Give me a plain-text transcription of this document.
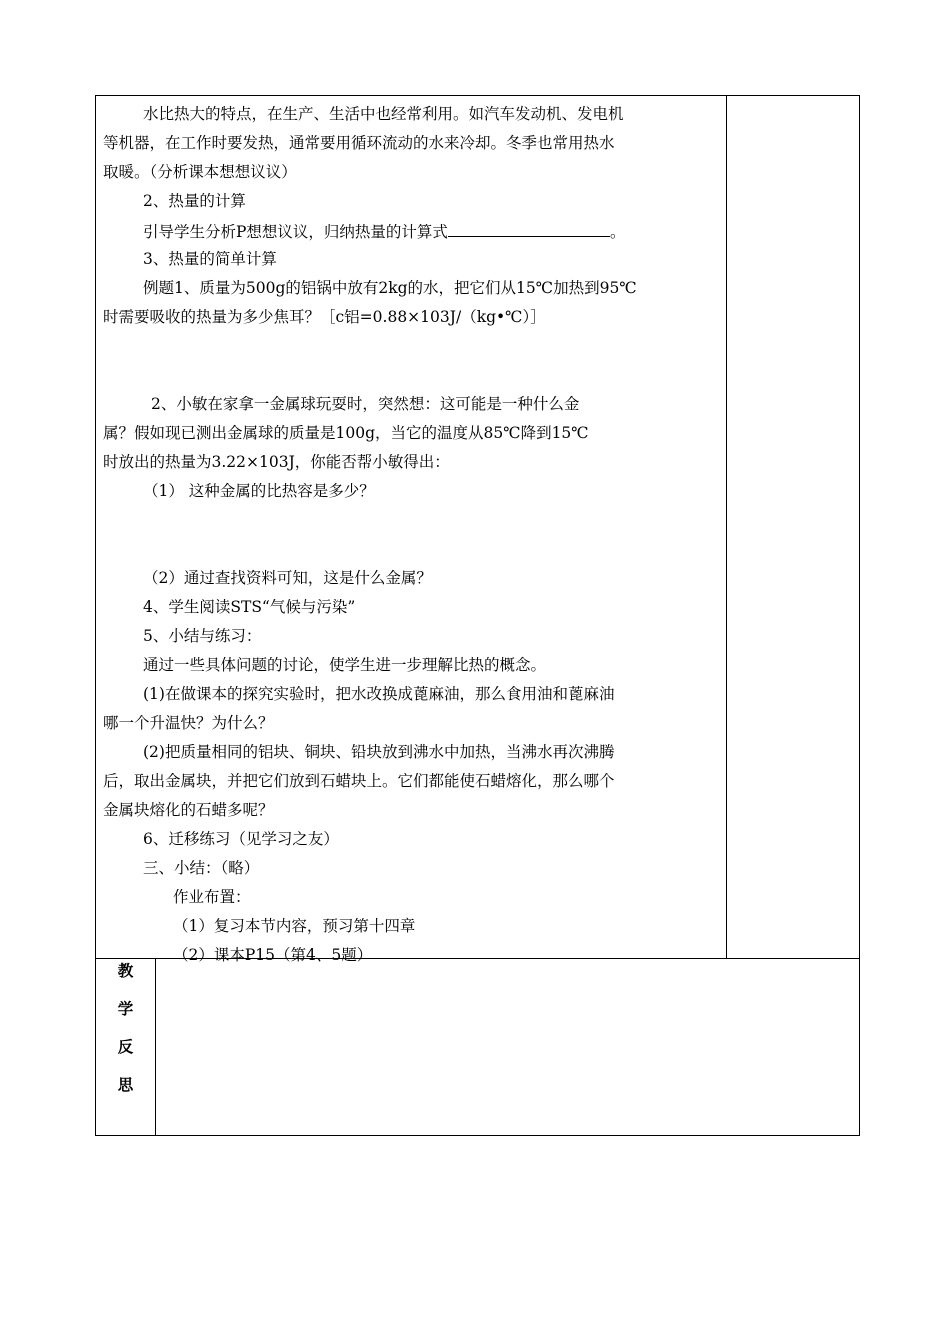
水比热大的特点，在生产、生活中也经常利用。如汽车发动机、发电机
等机器，在工作时要发热，通常要用循环流动的水来冷却。冬季也常用热水
取暖。（分析课本想想议议）
2、热量的计算
引导学生分析P想想议议，归纳热量的计算式	。
3、热量的简单计算
例题1、质量为500g的铝锅中放有2kg的水，把它们从15℃加热到95℃
时需要吸收的热量为多少焦耳？［c铝=0.88×103J/（kg•℃）］
2、小敏在家拿一金属球玩耍时，突然想：这可能是一种什么金
属？假如现已测出金属球的质量是100g，当它的温度从85℃降到15℃
时放出的热量为3.22×103J，你能否帮小敏得出：
（1） 这种金属的比热容是多少？
（2）通过查找资料可知，这是什么金属？
4、学生阅读STS“气候与污染”
5、小结与练习：
通过一些具体问题的讨论，使学生进一步理解比热的概念。
(1)在做课本的探究实验时，把水改换成蓖麻油，那么食用油和蓖麻油
哪一个升温快？为什么？
(2)把质量相同的铝块、铜块、铅块放到沸水中加热，当沸水再次沸腾
后，取出金属块，并把它们放到石蜡块上。它们都能使石蜡熔化，那么哪个
金属块熔化的石蜡多呢？
6、迁移练习（见学习之友）
三、小结：（略）
作业布置：
（1）复习本节内容，预习第十四章
（2）课本P15（第4、5题）
教
学
反
思
